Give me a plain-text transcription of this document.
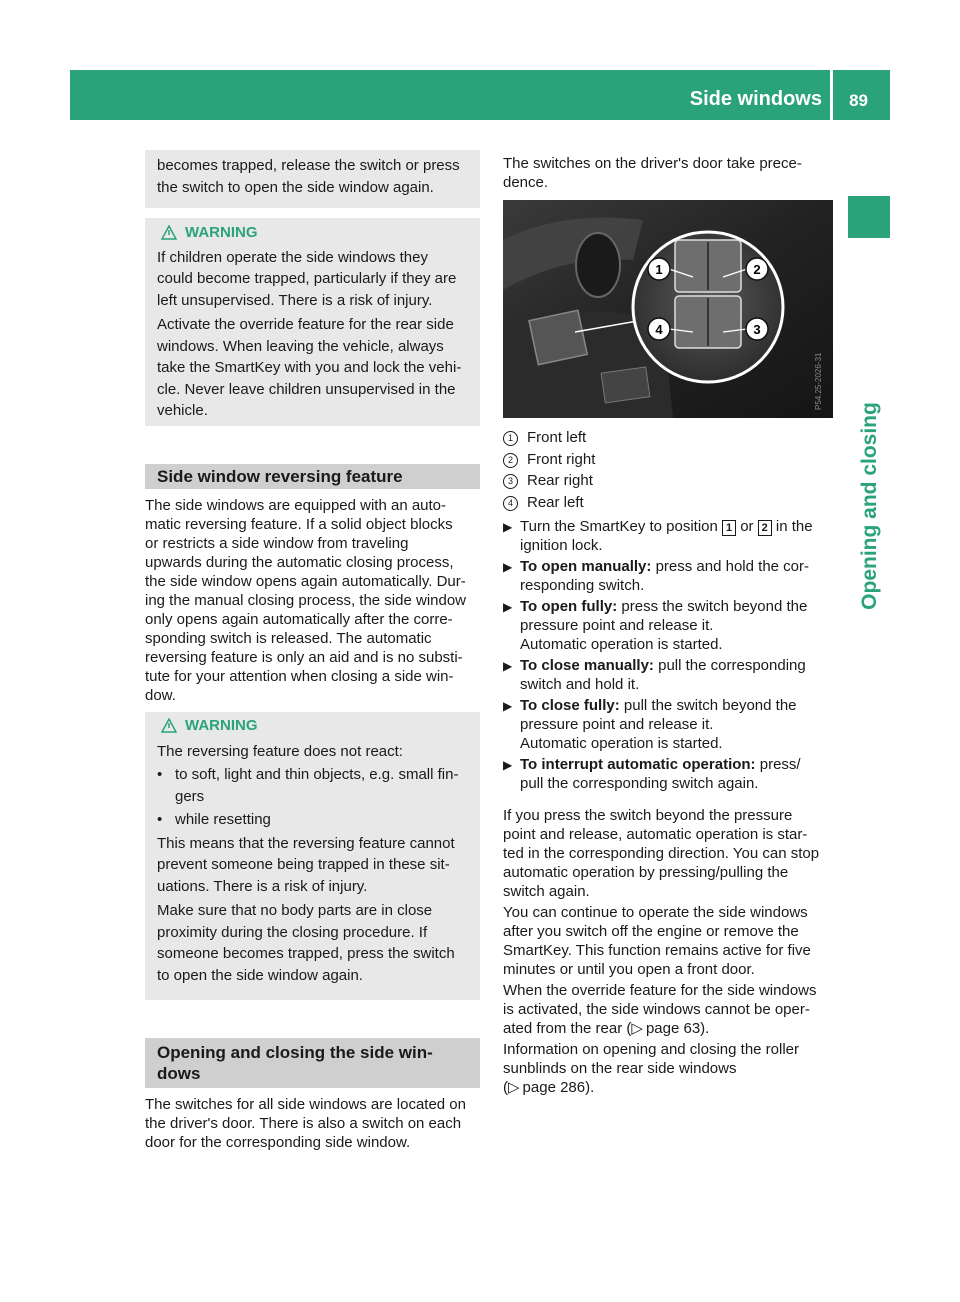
Side windows 89
Opening and closing

becomes trapped, release the switch or press

the switch to open the side window again.

WARNING

If children operate the side windows they

could become trapped, particularly if they are

left unsupervised. There is a risk of injury.

Activate the override feature for the rear side

windows. When leaving the vehicle, always

take the SmartKey with you and lock the vehi-

cle. Never leave children unsupervised in the

vehicle.

Side window reversing feature

The side windows are equipped with an auto-

matic reversing feature. If a solid object blocks

or restricts a side window from traveling

upwards during the automatic closing process,

the side window opens again automatically. Dur-

ing the manual closing process, the side window

only opens again automatically after the corre-

sponding switch is released. The automatic

reversing feature is only an aid and is no substi-

tute for your attention when closing a side win-

dow.

WARNING

The reversing feature does not react:

• to soft, light and thin objects, e.g. small fin-

gers

• while resetting

This means that the reversing feature cannot

prevent someone being trapped in these sit-

uations. There is a risk of injury.

Make sure that no body parts are in close

proximity during the closing procedure. If

someone becomes trapped, press the switch

to open the side window again.

Opening and closing the side win-

dows

The switches for all side windows are located on

the driver's door. There is also a switch on each

door for the corresponding side window.

The switches on the driver's door take prece-

dence.

1	2
3
4
P54.25-2026-31
1 Front left
2 Front right
3 Rear right
4 Rear left
▶ Turn the SmartKey to position 1 or 2 in the

ignition lock.

▶ To open manually: press and hold the cor-

responding switch.

▶ To open fully: press the switch beyond the

pressure point and release it.

Automatic operation is started.

▶ To close manually: pull the corresponding

switch and hold it.

▶ To close fully: pull the switch beyond the

pressure point and release it.

Automatic operation is started.

▶ To interrupt automatic operation: press/

pull the corresponding switch again.

If you press the switch beyond the pressure

point and release, automatic operation is star-

ted in the corresponding direction. You can stop

automatic operation by pressing/pulling the

switch again.

You can continue to operate the side windows

after you switch off the engine or remove the

SmartKey. This function remains active for five

minutes or until you open a front door.

When the override feature for the side windows

is activated, the side windows cannot be oper-

ated from the rear (▷ page 63).

Information on opening and closing the roller

sunblinds on the rear side windows

(▷ page 286).
